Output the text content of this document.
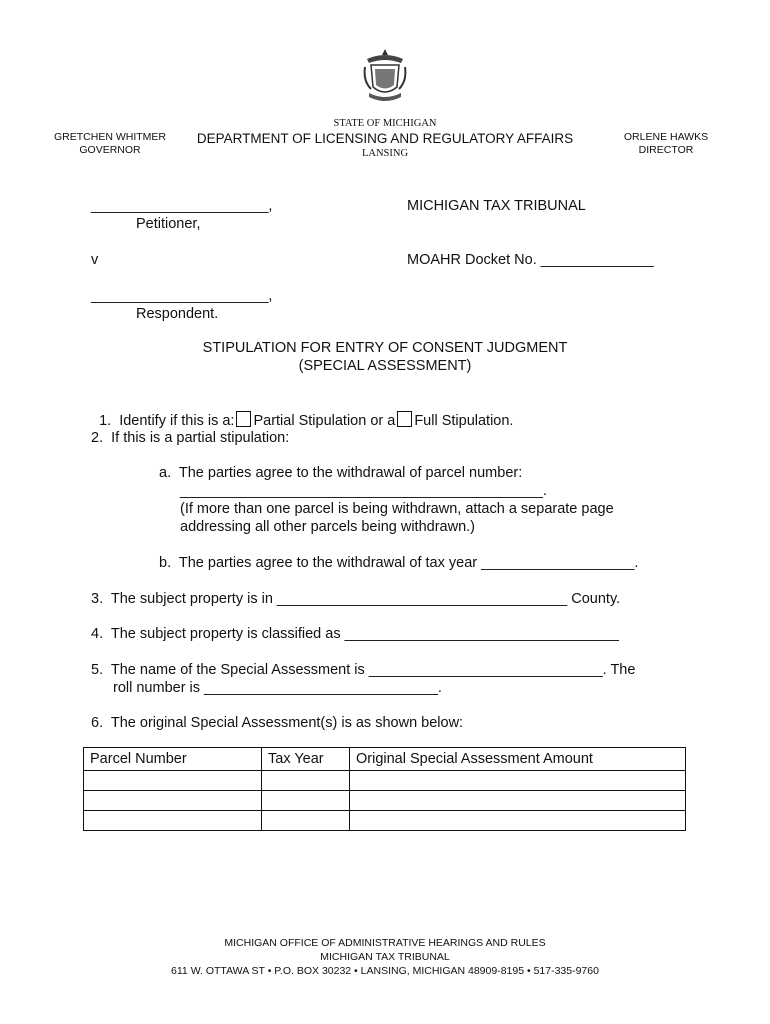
GRETCHEN WHITMER
GOVERNOR
STATE OF MICHIGAN
DEPARTMENT OF LICENSING AND REGULATORY AFFAIRS
LANSING
ORLENE HAWKS
DIRECTOR
______________________,
Petitioner,
v
______________________,
Respondent.
MICHIGAN TAX TRIBUNAL
MOAHR Docket No. ______________
STIPULATION FOR ENTRY OF CONSENT JUDGMENT
(SPECIAL ASSESSMENT)

1.  Identify if this is a: Partial Stipulation or a Full Stipulation.

2.  If this is a partial stipulation:
a.  The parties agree to the withdrawal of parcel number:
_____________________________________________.
(If more than one parcel is being withdrawn, attach a separate page
addressing all other parcels being withdrawn.)
b.  The parties agree to the withdrawal of tax year ___________________.
3.  The subject property is in ____________________________________ County.
4.  The subject property is classified as __________________________________
5.  The name of the Special Assessment is _____________________________. The
roll number is _____________________________.
6.  The original Special Assessment(s) is as shown below:
Parcel Number	Tax Year	Original Special Assessment Amount

MICHIGAN OFFICE OF ADMINISTRATIVE HEARINGS AND RULES
MICHIGAN TAX TRIBUNAL
611 W. OTTAWA ST • P.O. BOX 30232 • LANSING, MICHIGAN 48909-8195 • 517-335-9760
